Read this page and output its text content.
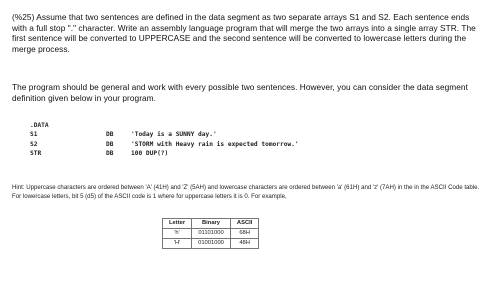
(%25) Assume that two sentences are defined in the data segment as two separate arrays S1 and S2. Each sentence ends with a full stop "." character. Write an assembly language program that will merge the two arrays into a single array STR. The first sentence will be converted to UPPERCASE and the second sentence will be converted to lowercase letters during the merge process.
The program should be general and work with every possible two sentences. However, you can consider the data segment definition given below in your program.
.DATA
S1	DB	'Today is a SUNNY day.'
S2	DB	'STORM with Heavy rain is expected tomorrow.'
STR	DB	100 DUP(?)
Hint: Uppercase characters are ordered between 'A' (41H) and 'Z' (5AH) and lowercase characters are ordered between 'a' (61H) and 'z' (7AH) in the in the ASCII Code table. For lowercase letters, bit 5 (d5) of the ASCII code is 1 where for uppercase letters it is 0. For example,
Letter	Binary	ASCII
'h'	01101000	68H
'H'	01001000	48H
